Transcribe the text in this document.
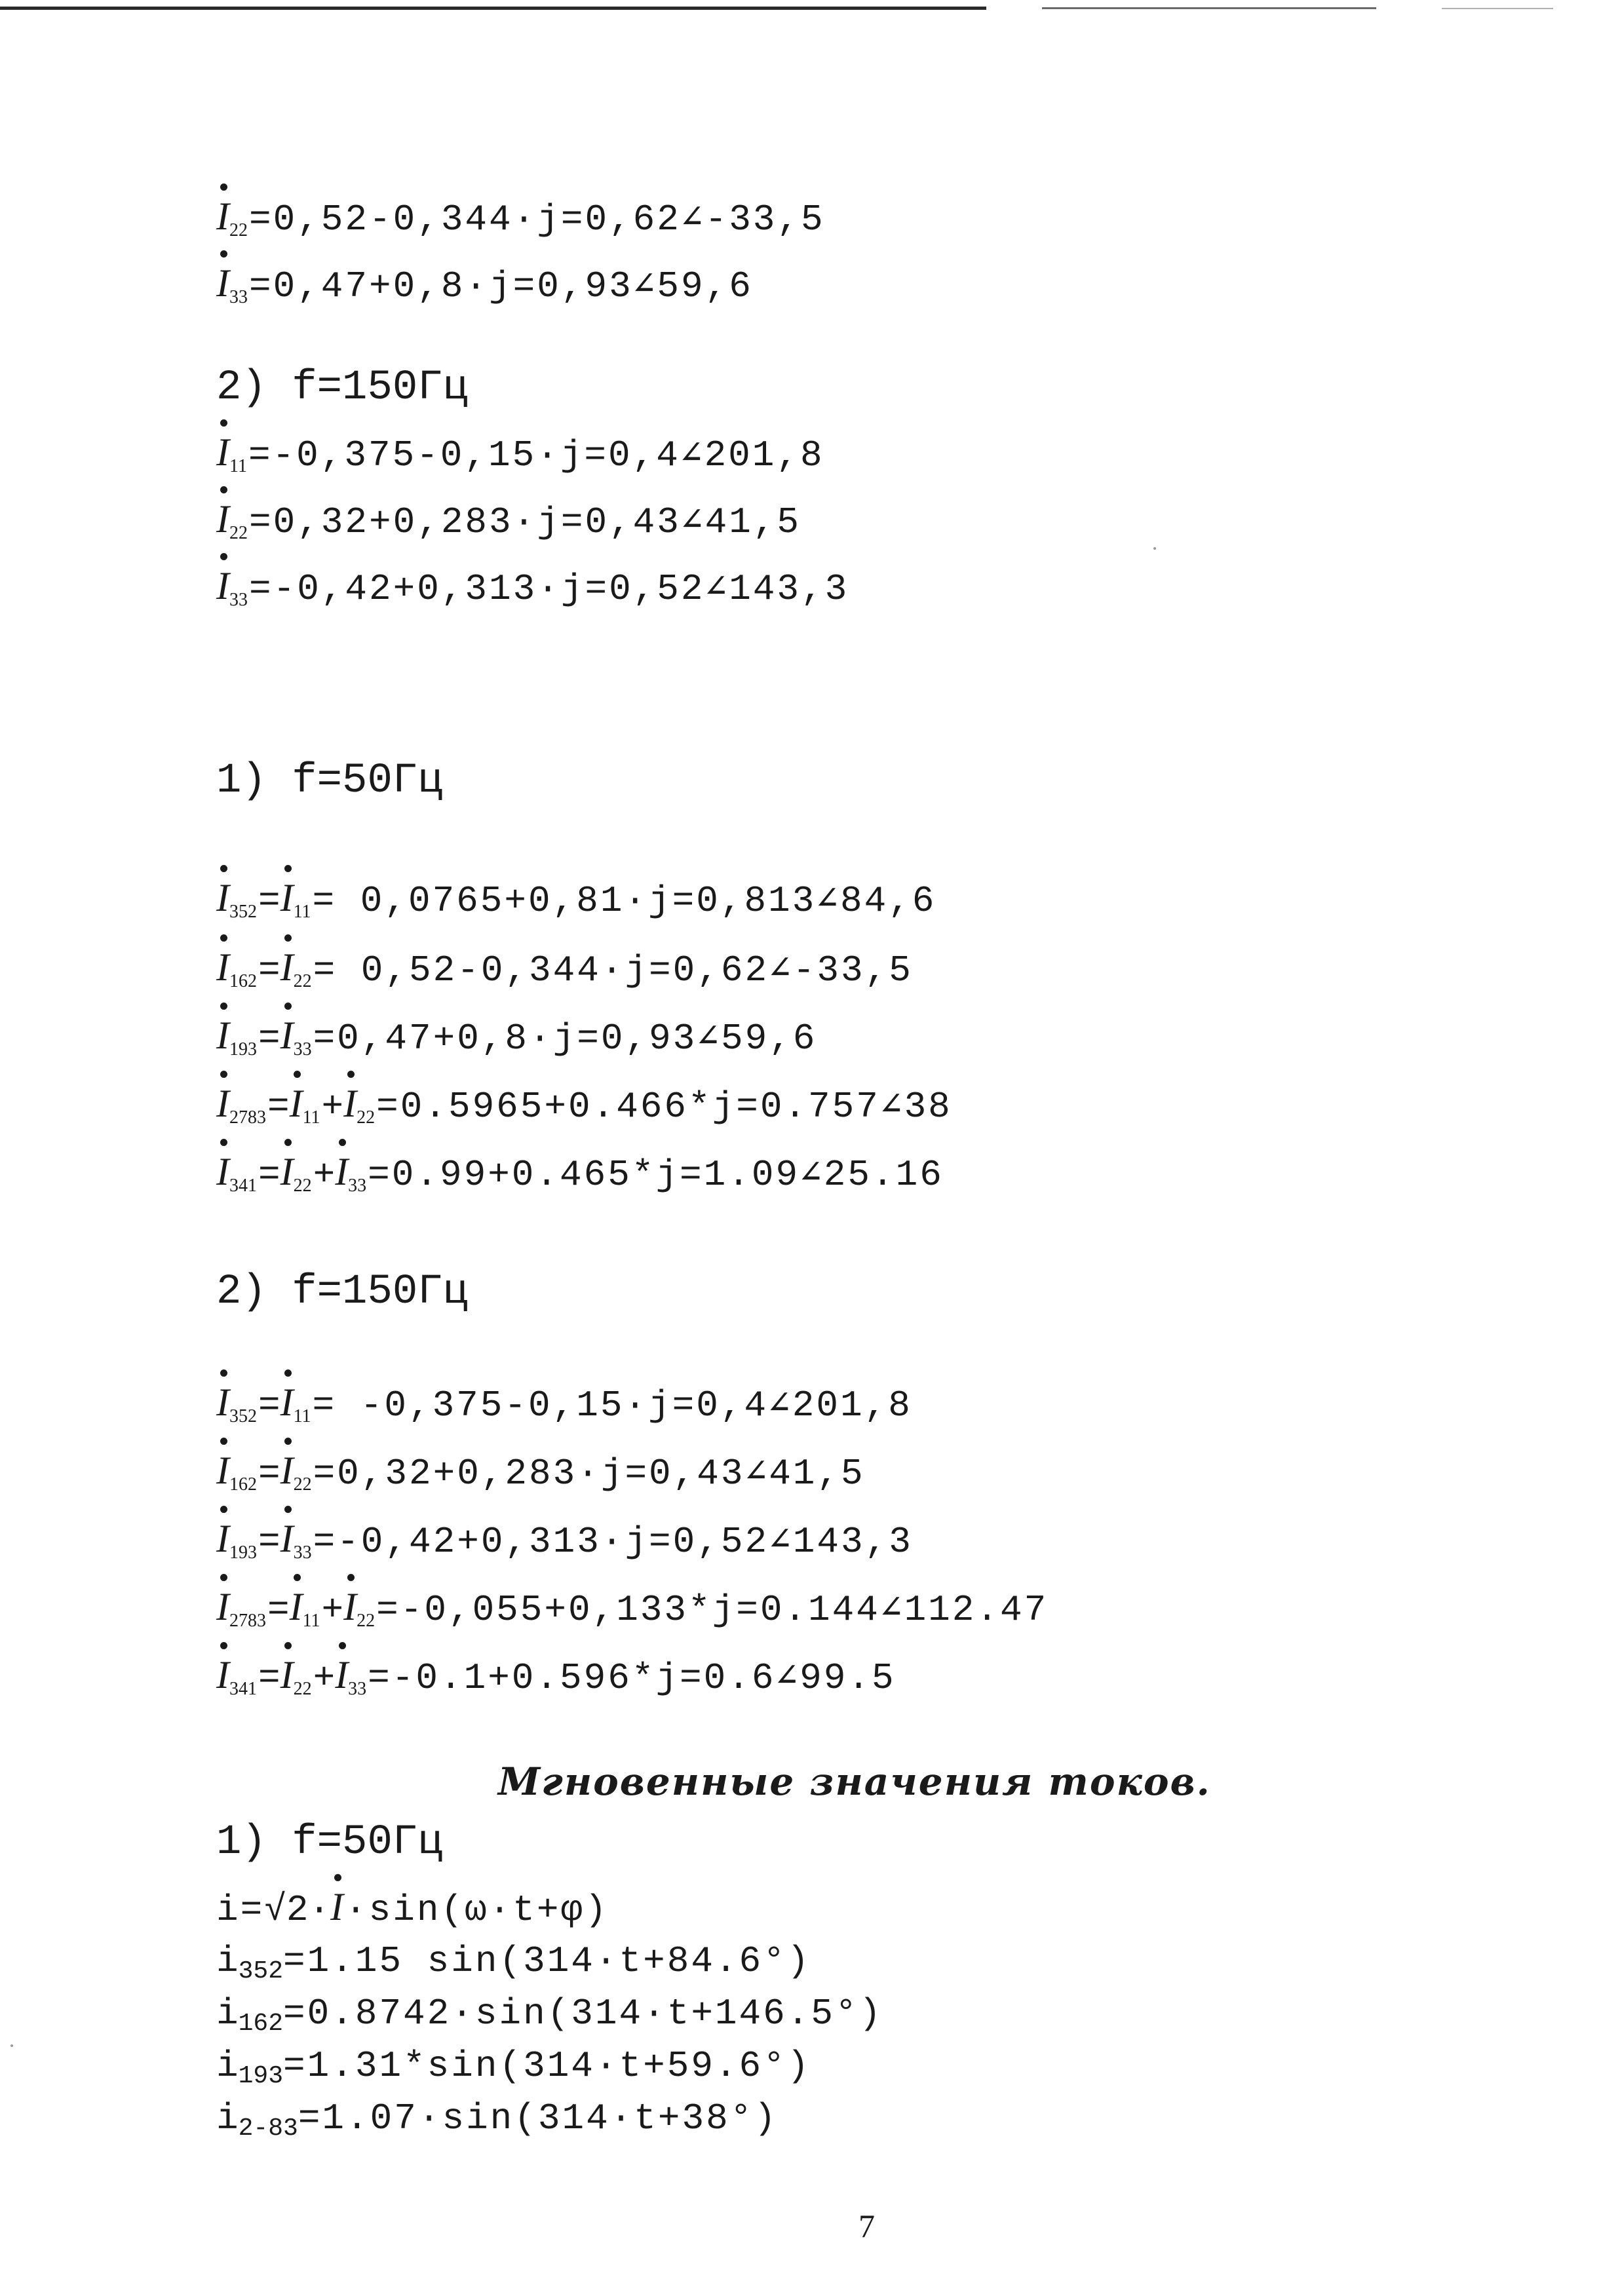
$I_{22}=0,52-0,344\cdot j=0,62\angle-33,5$
$I_{33}=0,47+0,8\cdot j=0,93\angle 59,6$
2) f=150Гц
$I_{11}=-0,375-0,15\cdot j=0,4\angle 201,8$
$I_{22}=0,32+0,283\cdot j=0,43\angle 41,5$
$I_{33}=-0,42+0,313\cdot j=0,52\angle 143,3$
1) f=50Гц
$I_{352}=$
$I_{11}=$ 0,0765+0,81·j=0,813∠84,6
$I_{162}=$
$I_{22}=$ 0,52-0,344·j=0,62∠-33,5
$I_{193}=$
$I_{33}=0,47+0,8\cdot j=0,93\angle 59,6$
$I_{2783}=$
$I_{11}+$
$I_{22}=0.5965+0.466*j=0.757\angle 38$
$I_{341}=$
$I_{22}+$
$I_{33}=0.99+0.465*j=1.09\angle 25.16$
2) f=150Гц
$I_{352}=$
$I_{11}=$ -0,375-0,15·j=0,4∠201,8
$I_{162}=$
$I_{22}=0,32+0,283\cdot j=0,43\angle 41,5$
$I_{193}=$
$I_{33}=-0,42+0,313\cdot j=0,52\angle 143,3$
$I_{2783}=$
$I_{11}+$
$I_{22}=-0,055+0,133*j=0.144\angle 112.47$
$I_{341}=$
$I_{22}+$
$I_{33}=-0.1+0.596*j=0.6\angle 99.5$
Мгновенные значения токов.
1) f=50Гц
i=√2·
I·sin(ω·t+φ)
i352=1.15 sin(314·t+84.6°)
i162=0.8742·sin(314·t+146.5°)
i193=1.31*sin(314·t+59.6°)
i2-83=1.07·sin(314·t+38°)
7
